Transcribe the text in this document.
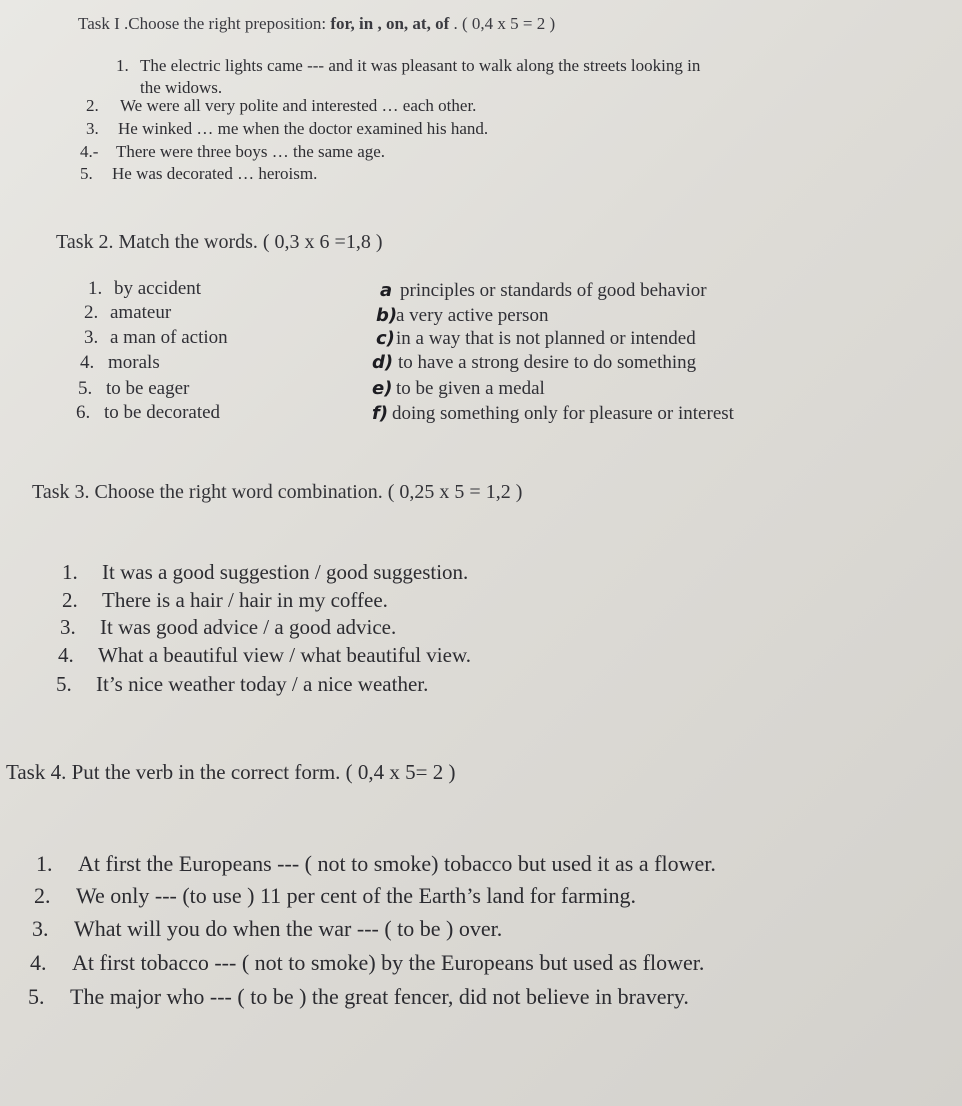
Task I .Choose the right preposition: for, in , on, at, of . ( 0,4 x 5 = 2 )
1. The electric lights came --- and it was pleasant to walk along the streets looking in
the widows.
2. We were all very polite and interested … each other.
3. He winked … me when the doctor examined his hand.
4.- There were three boys … the same age.
5. He was decorated … heroism.
Task 2. Match the words. ( 0,3 x 6 =1,8 )
1. by accident
2. amateur
3. a man of action
4. morals
5. to be eager
6. to be decorated
a principles or standards of good behavior
b)a very active person
c)in a way that is not planned or intended
d) to have a strong desire to do something
e) to be given a medal
f) doing something only for pleasure or interest
Task 3. Choose the right word combination. ( 0,25 x 5 = 1,2 )
1. It was a good suggestion / good suggestion.
2. There is a hair / hair in my coffee.
3. It was good advice / a good advice.
4. What a beautiful view / what beautiful view.
5. It’s nice weather today / a nice weather.
Task 4. Put the verb in the correct form. ( 0,4 x 5= 2 )
1. At first the Europeans --- ( not to smoke) tobacco but used it as a flower.
2. We only --- (to use ) 11 per cent of the Earth’s land for farming.
3. What will you do when the war --- ( to be ) over.
4. At first tobacco --- ( not to smoke) by the Europeans but used as flower.
5. The major who --- ( to be ) the great fencer, did not believe in bravery.
